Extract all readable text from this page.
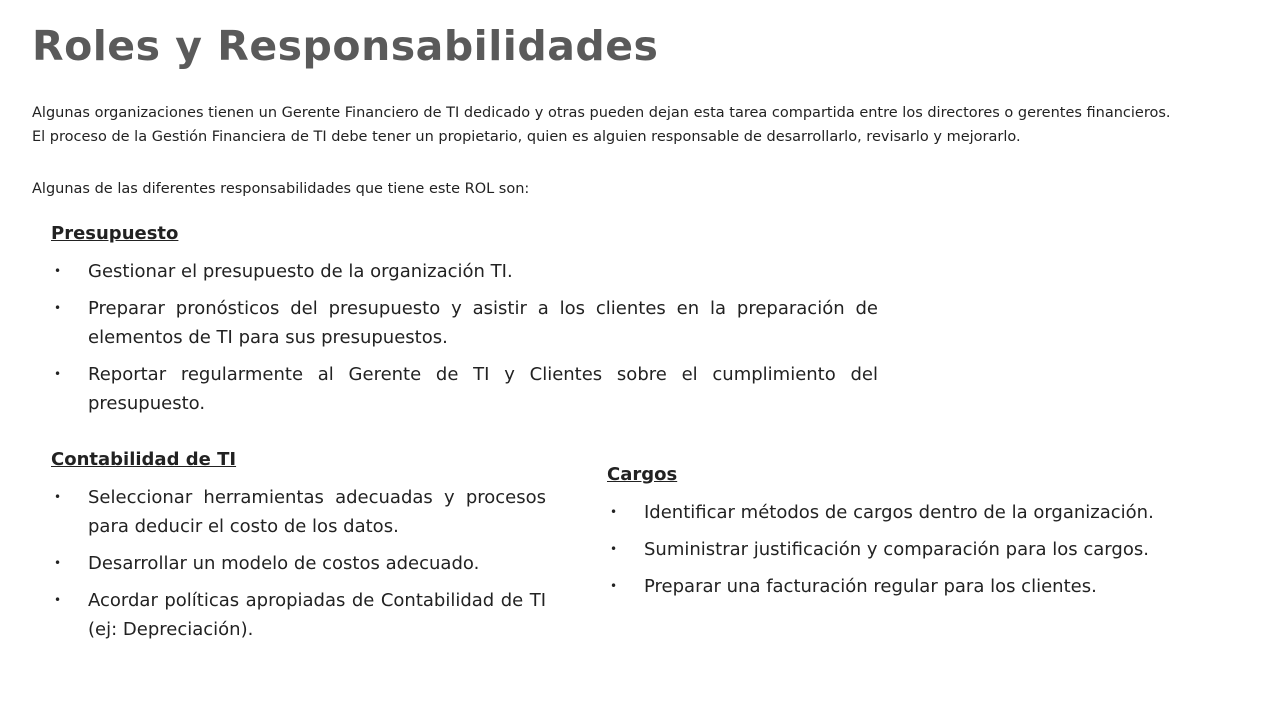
Roles y Responsabilidades

Algunas organizaciones tienen un Gerente Financiero de TI dedicado y otras pueden dejan esta tarea compartida entre los directores o gerentes financieros.

El proceso de la Gestión Financiera de TI debe tener un propietario, quien es alguien responsable de desarrollarlo, revisarlo y mejorarlo.

Algunas de las diferentes responsabilidades que tiene este ROL son:

Presupuesto
• Gestionar el presupuesto de la organización TI.
• Preparar pronósticos del presupuesto y asistir a los clientes en la preparación de elementos de TI para sus presupuestos.
• Reportar regularmente al Gerente de TI y Clientes sobre el cumplimiento del presupuesto.
Contabilidad de TI
• Seleccionar herramientas adecuadas y procesos para deducir el costo de los datos.
• Desarrollar un modelo de costos adecuado.
• Acordar políticas apropiadas de Contabilidad de TI (ej: Depreciación).
Cargos
• Identificar métodos de cargos dentro de la organización.
• Suministrar justificación y comparación para los cargos.
• Preparar una facturación regular para los clientes.
